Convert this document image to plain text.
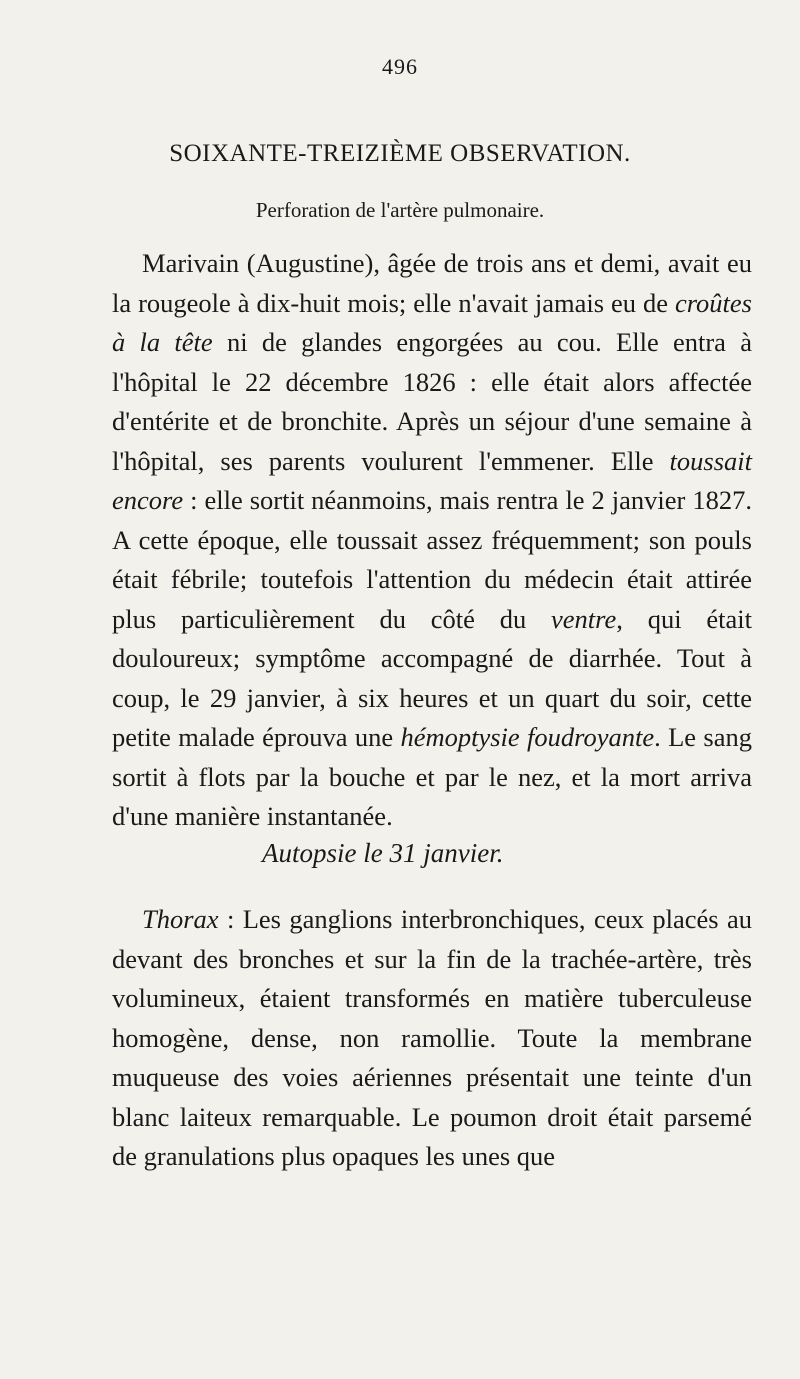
496
SOIXANTE-TREIZIÈME OBSERVATION.
Perforation de l'artère pulmonaire.

Marivain (Augustine), âgée de trois ans et demi, avait eu la rougeole à dix-huit mois; elle n'avait jamais eu de croûtes à la tête ni de glandes engorgées au cou. Elle entra à l'hôpital le 22 décembre 1826 : elle était alors affectée d'entérite et de bronchite. Après un séjour d'une semaine à l'hôpital, ses parents voulurent l'emmener. Elle toussait encore : elle sortit néanmoins, mais rentra le 2 janvier 1827. A cette époque, elle toussait assez fréquemment; son pouls était fébrile; toutefois l'attention du médecin était attirée plus particulièrement du côté du ventre, qui était douloureux; symptôme accompagné de diarrhée. Tout à coup, le 29 janvier, à six heures et un quart du soir, cette petite malade éprouva une hémoptysie foudroyante. Le sang sortit à flots par la bouche et par le nez, et la mort arriva d'une manière instantanée.

Autopsie le 31 janvier.

Thorax : Les ganglions interbronchiques, ceux placés au devant des bronches et sur la fin de la trachée-artère, très volumineux, étaient transformés en matière tuberculeuse homogène, dense, non ramollie. Toute la membrane muqueuse des voies aériennes présentait une teinte d'un blanc laiteux remarquable. Le poumon droit était parsemé de granulations plus opaques les unes que
